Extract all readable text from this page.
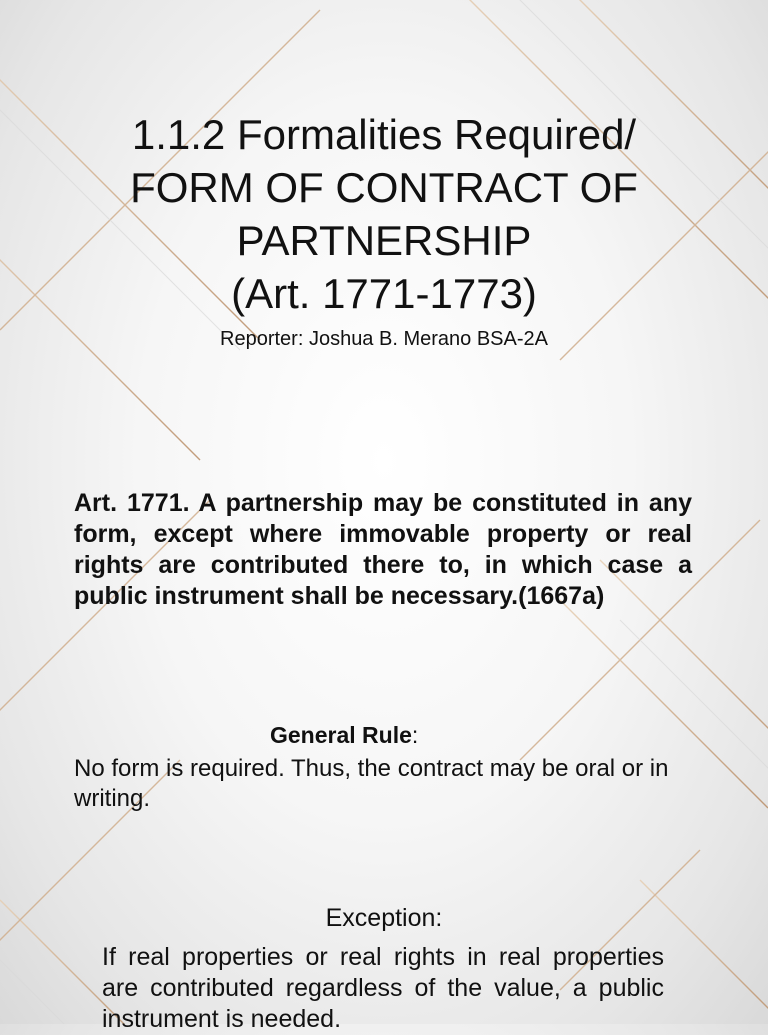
1.1.2 Formalities Required/
FORM OF CONTRACT OF
PARTNERSHIP
(Art. 1771-1773)
Reporter: Joshua B. Merano BSA-2A

Art. 1771. A partnership may be constituted in any form, except where immovable property or real rights are contributed there to, in which case a public instrument shall be necessary.(1667a)

General Rule:

No form is required. Thus, the contract may be oral or in writing.

Exception:

If real properties or real rights in real properties are contributed regardless of the value, a public instrument is needed.
